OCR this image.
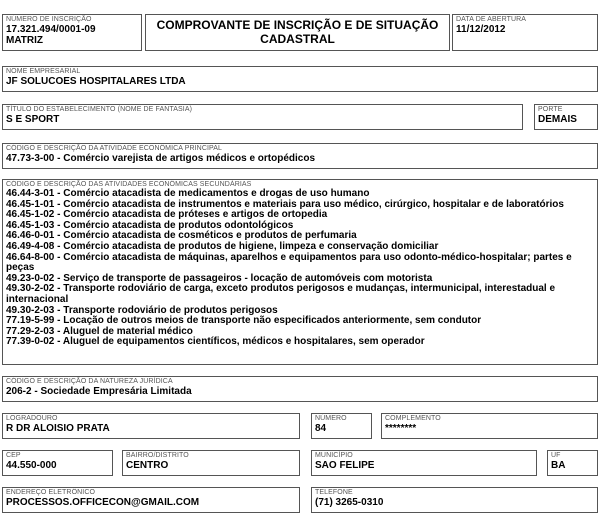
NÚMERO DE INSCRIÇÃO
17.321.494/0001-09
MATRIZ
COMPROVANTE DE INSCRIÇÃO E DE SITUAÇÃO
CADASTRAL
DATA DE ABERTURA
11/12/2012
NOME EMPRESARIAL
JF SOLUCOES HOSPITALARES LTDA
TÍTULO DO ESTABELECIMENTO (NOME DE FANTASIA)
S E SPORT
PORTE
DEMAIS
CÓDIGO E DESCRIÇÃO DA ATIVIDADE ECONÔMICA PRINCIPAL
47.73-3-00 - Comércio varejista de artigos médicos e ortopédicos
CÓDIGO E DESCRIÇÃO DAS ATIVIDADES ECONÔMICAS SECUNDÁRIAS
46.44-3-01 - Comércio atacadista de medicamentos e drogas de uso humano
46.45-1-01 - Comércio atacadista de instrumentos e materiais para uso médico, cirúrgico, hospitalar e de laboratórios
46.45-1-02 - Comércio atacadista de próteses e artigos de ortopedia
46.45-1-03 - Comércio atacadista de produtos odontológicos
46.46-0-01 - Comércio atacadista de cosméticos e produtos de perfumaria
46.49-4-08 - Comércio atacadista de produtos de higiene, limpeza e conservação domiciliar
46.64-8-00 - Comércio atacadista de máquinas, aparelhos e equipamentos para uso odonto-médico-hospitalar; partes e peças
49.23-0-02 - Serviço de transporte de passageiros - locação de automóveis com motorista
49.30-2-02 - Transporte rodoviário de carga, exceto produtos perigosos e mudanças, intermunicipal, interestadual e internacional
49.30-2-03 - Transporte rodoviário de produtos perigosos
77.19-5-99 - Locação de outros meios de transporte não especificados anteriormente, sem condutor
77.29-2-03 - Aluguel de material médico
77.39-0-02 - Aluguel de equipamentos científicos, médicos e hospitalares, sem operador
CÓDIGO E DESCRIÇÃO DA NATUREZA JURÍDICA
206-2 - Sociedade Empresária Limitada
LOGRADOURO
R DR ALOISIO PRATA
NÚMERO
84
COMPLEMENTO
********
CEP
44.550-000
BAIRRO/DISTRITO
CENTRO
MUNICÍPIO
SAO FELIPE
UF
BA
ENDEREÇO ELETRÔNICO
PROCESSOS.OFFICECON@GMAIL.COM
TELEFONE
(71) 3265-0310
